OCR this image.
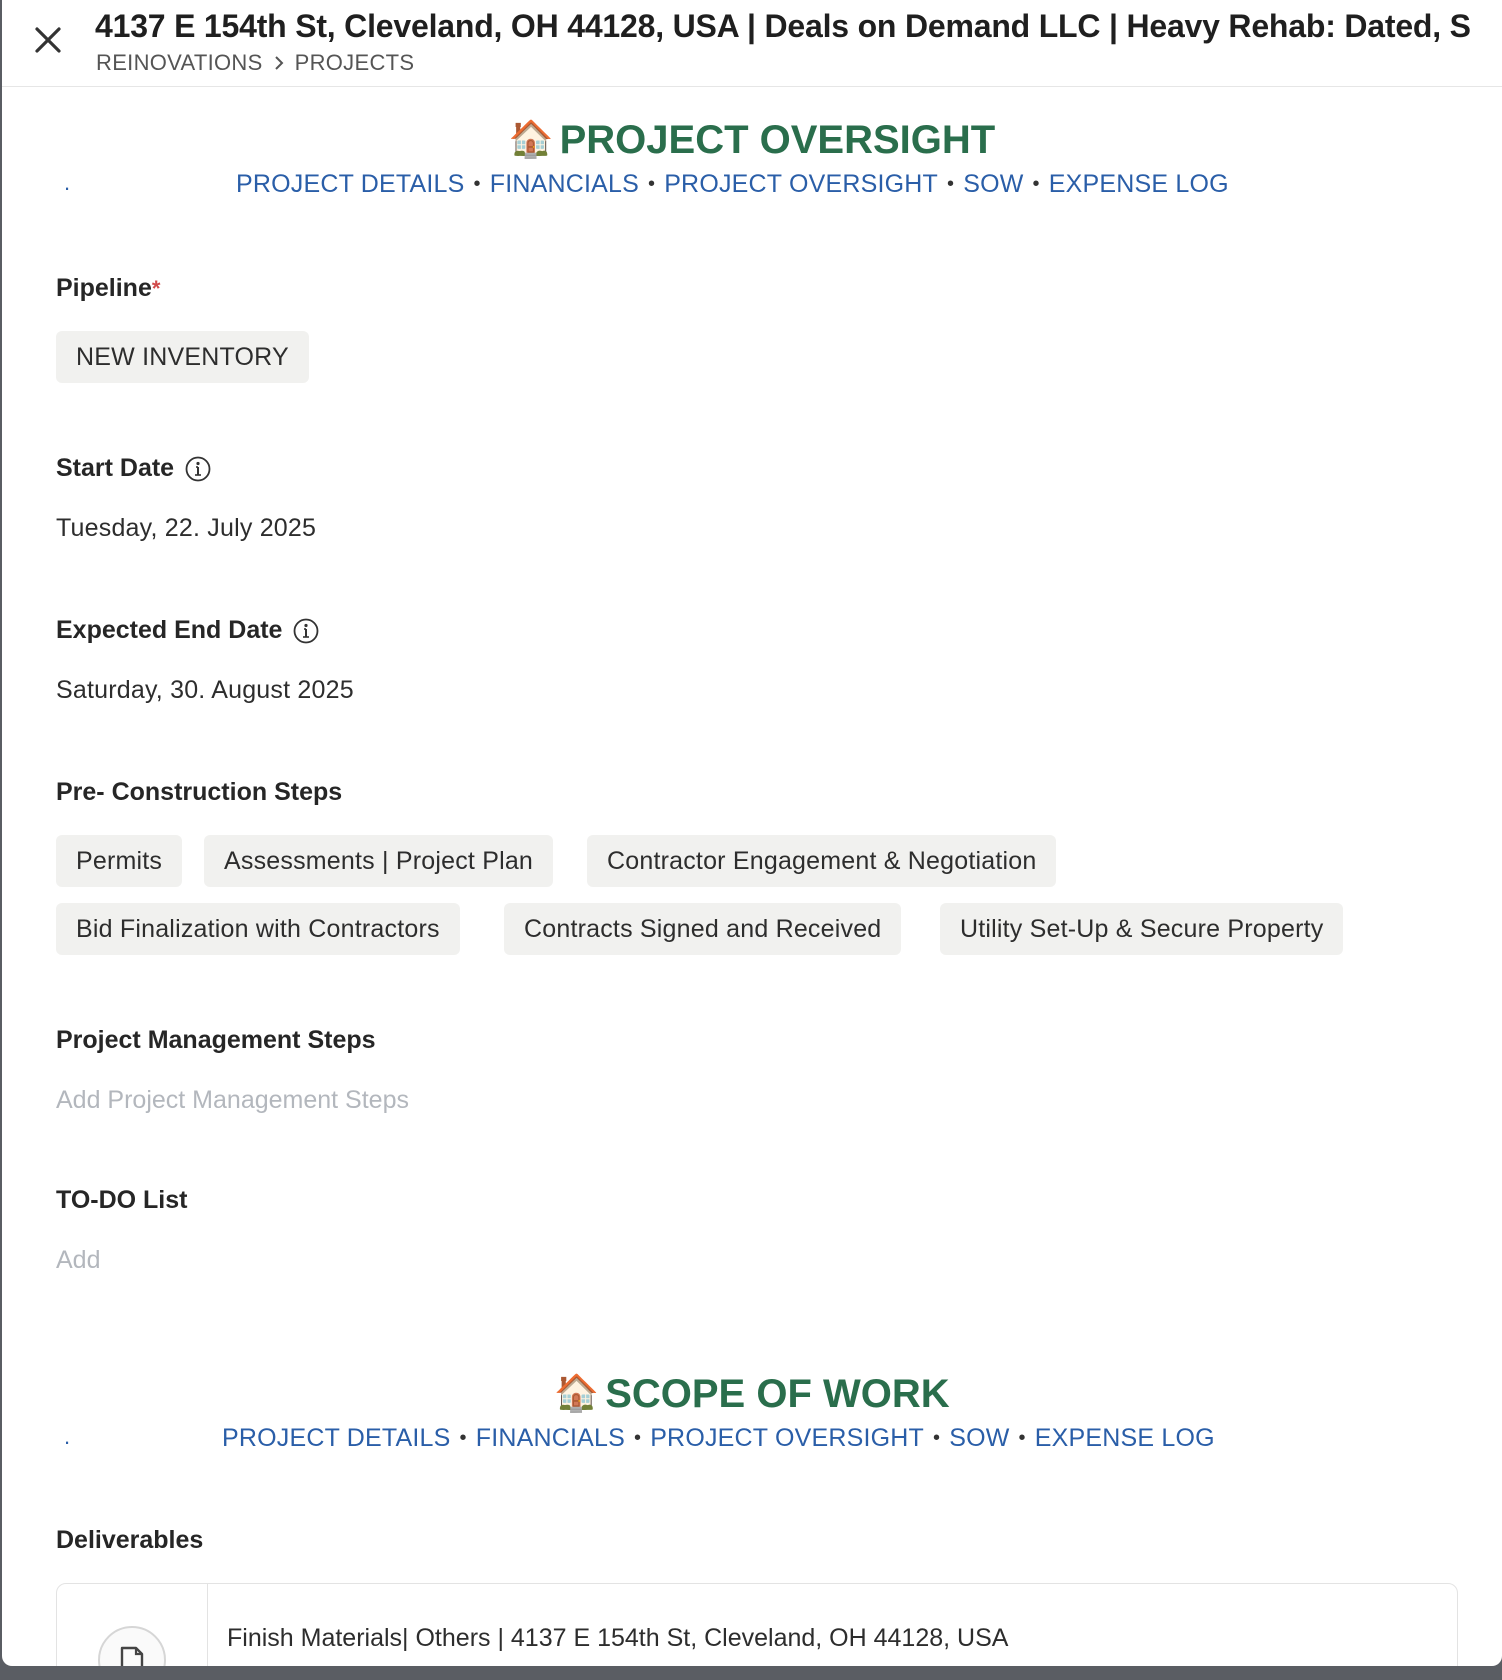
4137 E 154th St, Cleveland, OH 44128, USA | Deals on Demand LLC | Heavy Rehab: Dated, S
REINOVATIONS PROJECTS
🏠 PROJECT OVERSIGHT
.	PROJECT DETAILS • FINANCIALS • PROJECT OVERSIGHT • SOW • EXPENSE LOG
Pipeline *
NEW INVENTORY
Start Date
Tuesday, 22. July 2025
Expected End Date
Saturday, 30. August 2025
Pre- Construction Steps
Permits	Assessments | Project Plan	Contractor Engagement & Negotiation
Bid Finalization with Contractors	Contracts Signed and Received	Utility Set-Up & Secure Property
Project Management Steps
Add Project Management Steps
TO-DO List
Add
🏠 SCOPE OF WORK
.	PROJECT DETAILS • FINANCIALS • PROJECT OVERSIGHT • SOW • EXPENSE LOG
Deliverables
Finish Materials| Others | 4137 E 154th St, Cleveland, OH 44128, USA
